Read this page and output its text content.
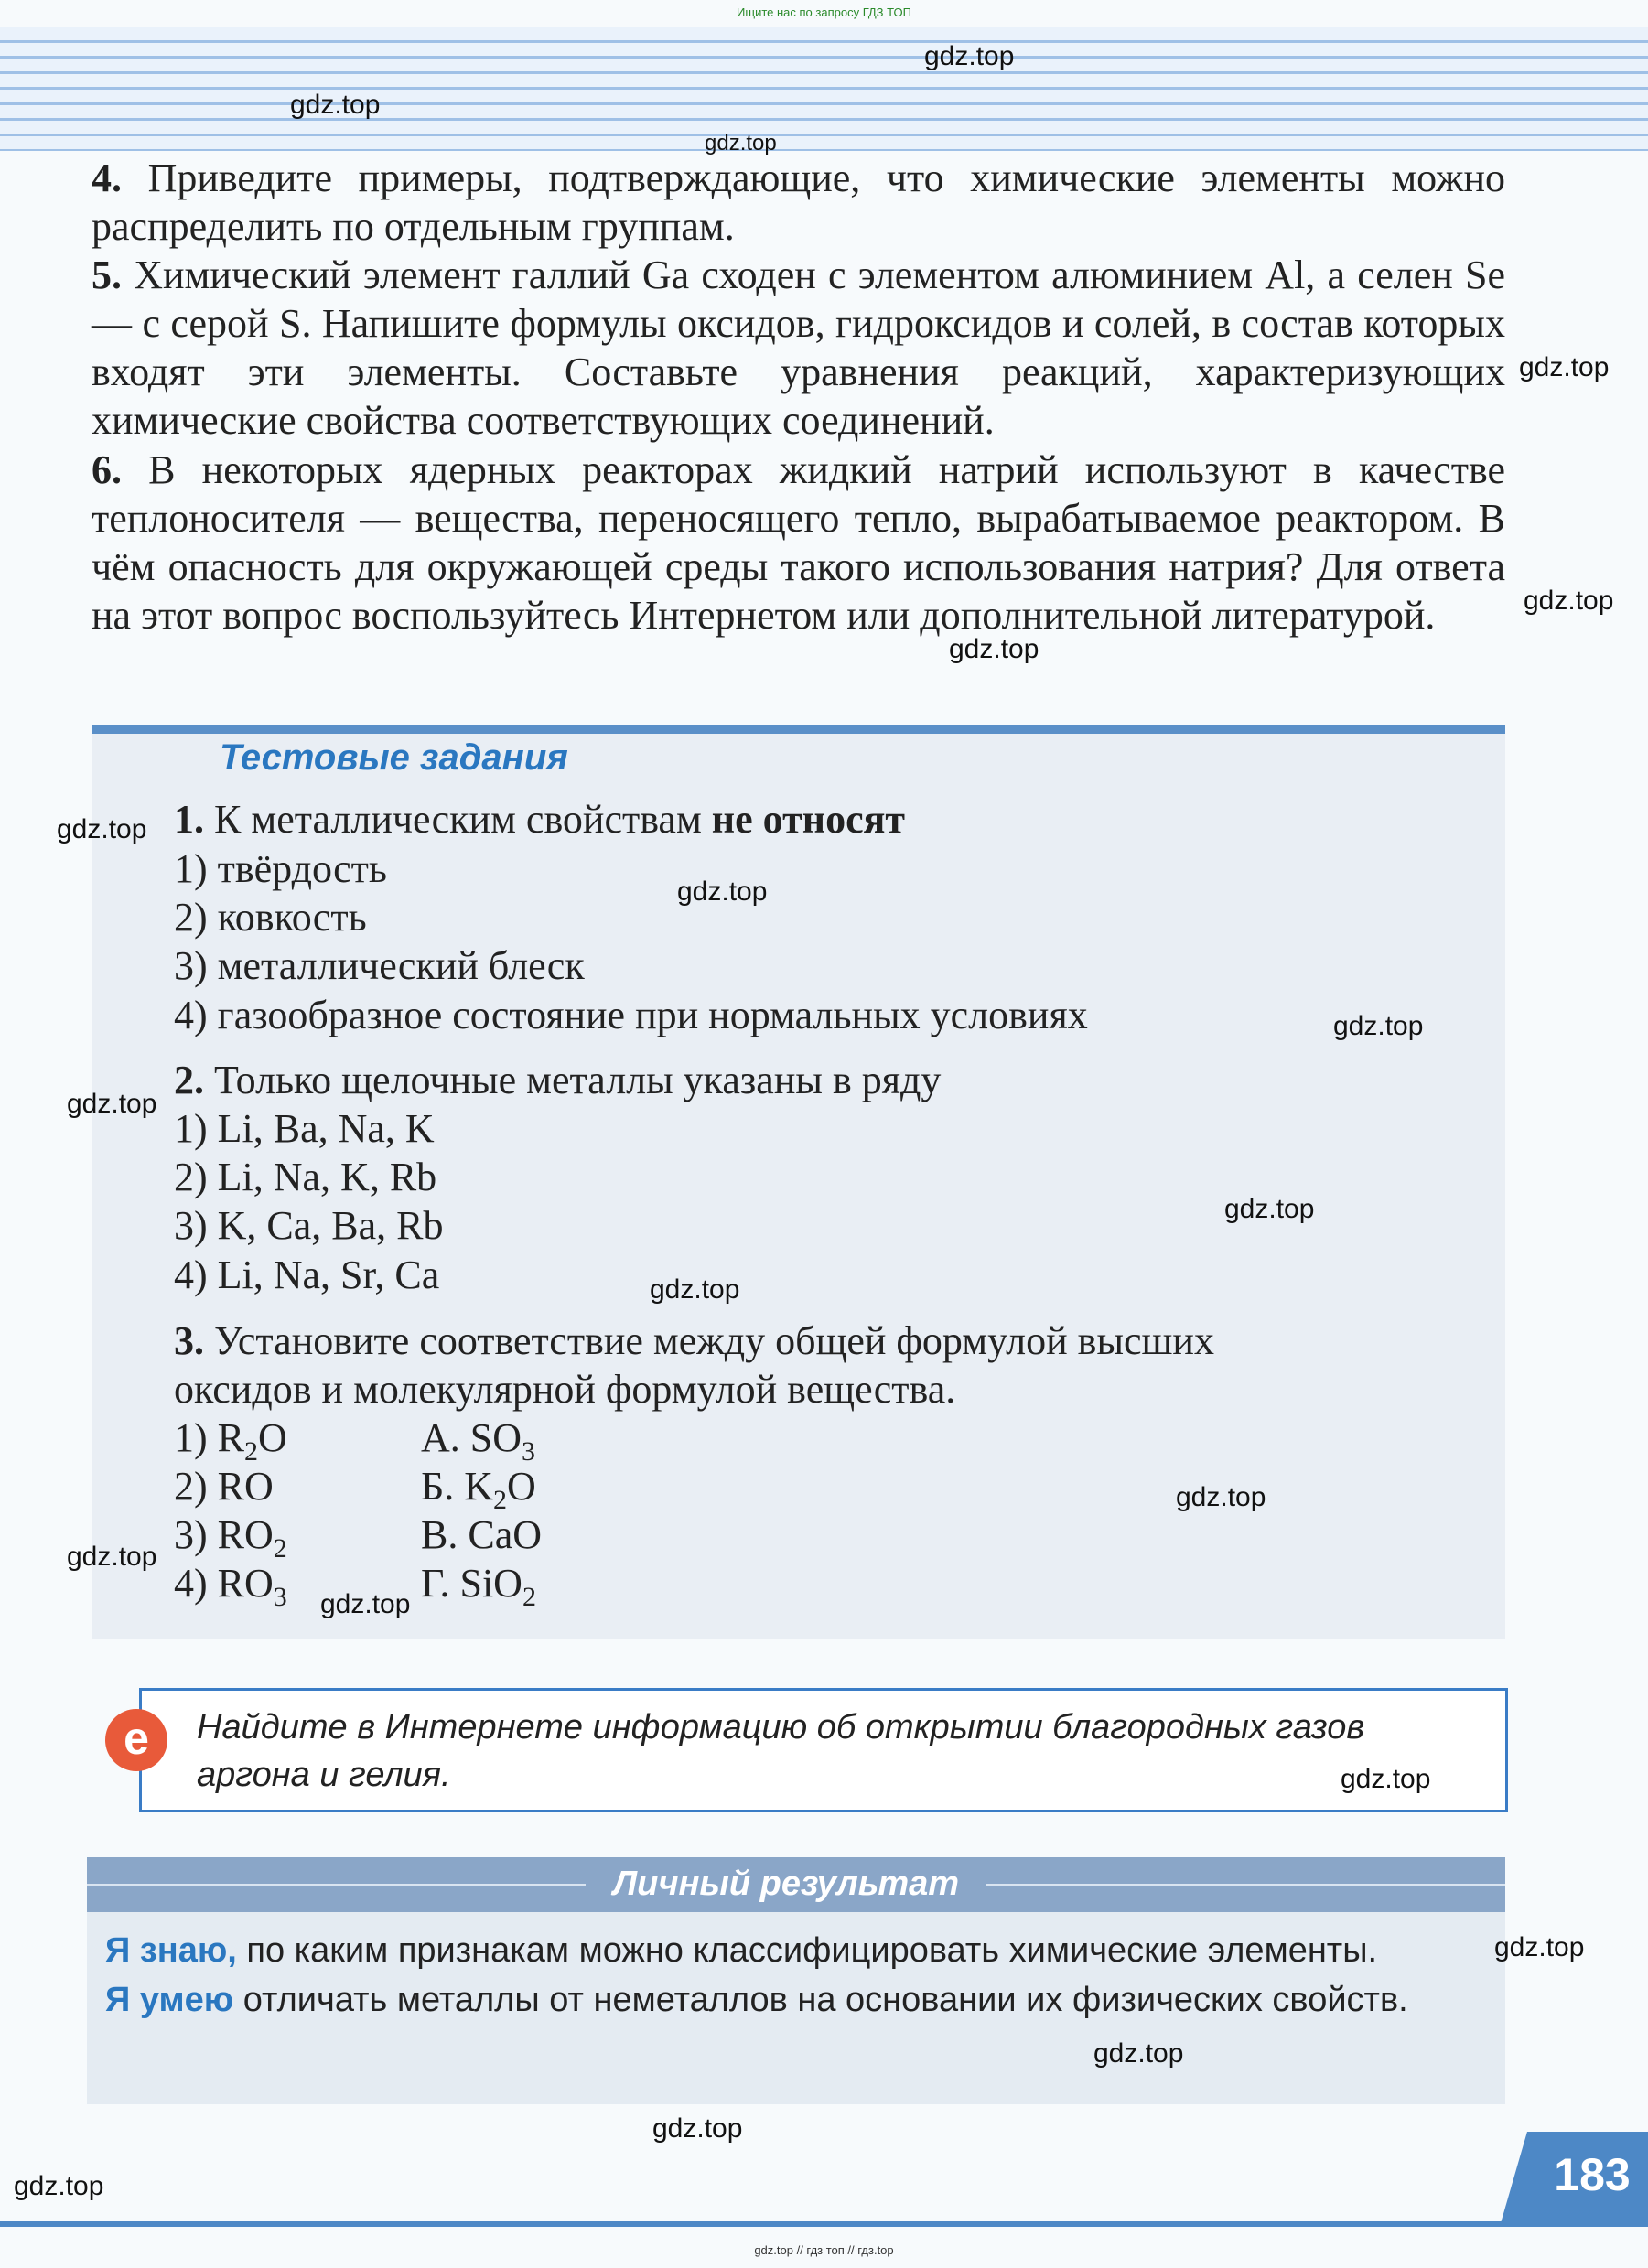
Ищите нас по запросу ГДЗ ТОП
4. Приведите примеры, подтверждающие, что химические элементы можно распределить по отдельным группам.
5. Химический элемент галлий Ga сходен с элементом алюминием Al, а селен Se — с серой S. Напишите формулы оксидов, гидроксидов и солей, в состав которых входят эти элементы. Составьте уравнения реакций, характеризующих химические свойства соответствующих соединений.
6. В некоторых ядерных реакторах жидкий натрий используют в качестве теплоносителя — вещества, переносящего тепло, вырабатываемое реактором. В чём опасность для окружающей среды такого использования натрия? Для ответа на этот вопрос воспользуйтесь Интернетом или дополнительной литературой.
Тестовые задания
1. К металлическим свойствам не относят
1) твёрдость
2) ковкость
3) металлический блеск
4) газообразное состояние при нормальных условиях
2. Только щелочные металлы указаны в ряду
1) Li, Ba, Na, K
2) Li, Na, K, Rb
3) K, Ca, Ba, Rb
4) Li, Na, Sr, Ca
3. Установите соответствие между общей формулой высших
оксидов и молекулярной формулой вещества.
1) $R_2O$
2) RO
3) $RO_2$
4) $RO_3$
А. $SO_3$
Б. $K_2O$
В. CaO
Г. SiO$_2$
e	Найдите в Интернете информацию об открытии благородных газов аргона и гелия.
Личный результат
Я знаю, по каким признакам можно классифицировать химические элементы.
Я умею отличать металлы от неметаллов на основании их физических свойств.
183
gdz.top // гдз топ // гдз.top
gdz.top
gdz.top
gdz.top
gdz.top
gdz.top
gdz.top
gdz.top
gdz.top
gdz.top
gdz.top
gdz.top
gdz.top
gdz.top
gdz.top
gdz.top
gdz.top
gdz.top
gdz.top
gdz.top
gdz.top
